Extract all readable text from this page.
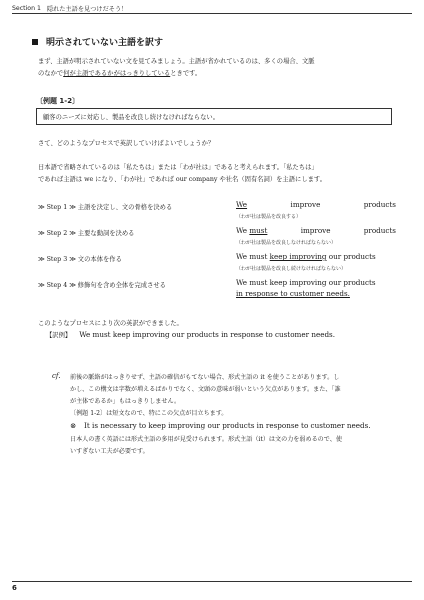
Section 1 隠れた主語を見つけだそう！
明示されていない主語を訳す
まず、主語が明示されていない文を見てみましょう。主語が省かれているのは、多くの場合、文脈
のなかで何が主語であるかがはっきりしているときです。
〔例題 1-2〕
顧客のニーズに対応し、製品を改良し続けなければならない。
さて、どのようなプロセスで英訳していけばよいでしょうか？
日本語で省略されているのは「私たちは」または「わが社は」であると考えられます。「私たちは」
であれば主語は we になり、「わが社」であれば our company や社名（固有名詞）を主語にします。
≫ Step 1 ≫ 主語を決定し、文の骨格を決める	We	improve	products
（わが社は製品を改良する）
≫ Step 2 ≫ 主要な動詞を決める	We must	improve	products
（わが社は製品を改良しなければならない）
≫ Step 3 ≫ 文の本体を作る	We must keep improving our products
（わが社は製品を改良し続けなければならない）
≫ Step 4 ≫ 修飾句を含め全体を完成させる	We must keep improving our products
in response to customer needs.
このようなプロセスにより次の英訳ができました。
【訳例】 We must keep improving our products in response to customer needs.
cf. 前後の脈絡がはっきりせず、主語の確信がもてない場合、形式主語の it を使うことがあります。し
かし、この構文は字数が増えるばかりでなく、文頭の意味が弱いという欠点があります。また、「誰
が主体であるか」もはっきりしません。
〔例題 1-2〕は短文なので、特にこの欠点が目立ちます。
⊗ It is necessary to keep improving our products in response to customer needs.
日本人の書く英語には形式主語の多用が見受けられます。形式主語（it）は文の力を弱めるので、使
いすぎない工夫が必要です。
6
